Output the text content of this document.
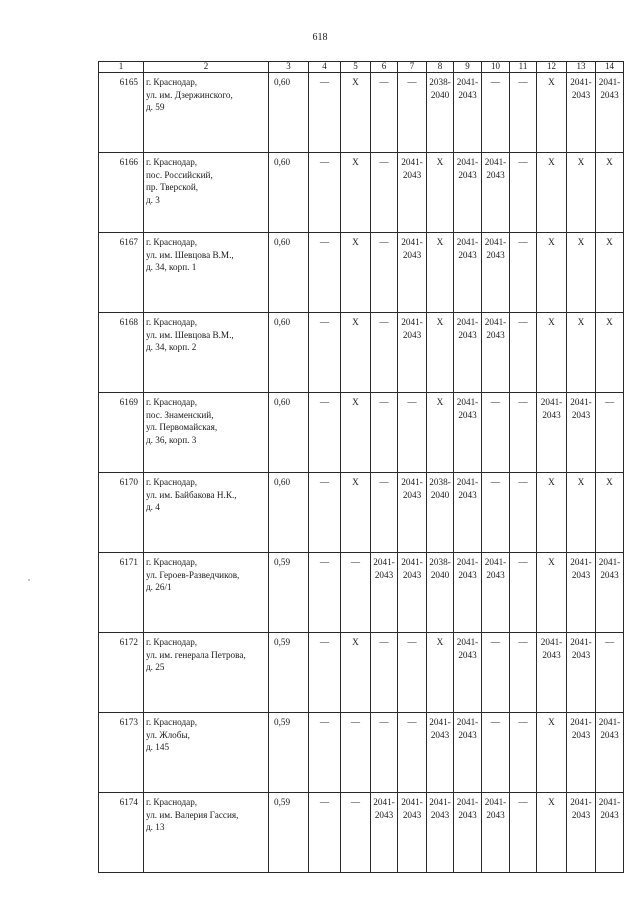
618
,
1	2	3	4	5	6	7	8	9	10	11	12	13	14
6165	г. Краснодар,
ул. им. Дзержинского,
д. 59	0,60	—	X	—	—	2038-2040	2041-2043	—	—	X	2041-2043	2041-2043
6166	г. Краснодар,
пос. Российский,
пр. Тверской,
д. 3	0,60	—	X	—	2041-2043	X	2041-2043	2041-2043	—	X	X	X
6167	г. Краснодар,
ул. им. Шевцова В.М.,
д. 34, корп. 1	0,60	—	X	—	2041-2043	X	2041-2043	2041-2043	—	X	X	X
6168	г. Краснодар,
ул. им. Шевцова В.М.,
д. 34, корп. 2	0,60	—	X	—	2041-2043	X	2041-2043	2041-2043	—	X	X	X
6169	г. Краснодар,
пос. Знаменский,
ул. Первомайская,
д. 36, корп. 3	0,60	—	X	—	—	X	2041-2043	—	—	2041-2043	2041-2043	—
6170	г. Краснодар,
ул. им. Байбакова Н.К.,
д. 4	0,60	—	X	—	2041-2043	2038-2040	2041-2043	—	—	X	X	X
6171	г. Краснодар,
ул. Героев-Разведчиков,
д. 26/1	0,59	—	—	2041-2043	2041-2043	2038-2040	2041-2043	2041-2043	—	X	2041-2043	2041-2043
6172	г. Краснодар,
ул. им. генерала Петрова,
д. 25	0,59	—	X	—	—	X	2041-2043	—	—	2041-2043	2041-2043	—
6173	г. Краснодар,
ул. Жлобы,
д. 145	0,59	—	—	—	—	2041-2043	2041-2043	—	—	X	2041-2043	2041-2043
6174	г. Краснодар,
ул. им. Валерия Гассия,
д. 13	0,59	—	—	2041-2043	2041-2043	2041-2043	2041-2043	2041-2043	—	X	2041-2043	2041-2043
